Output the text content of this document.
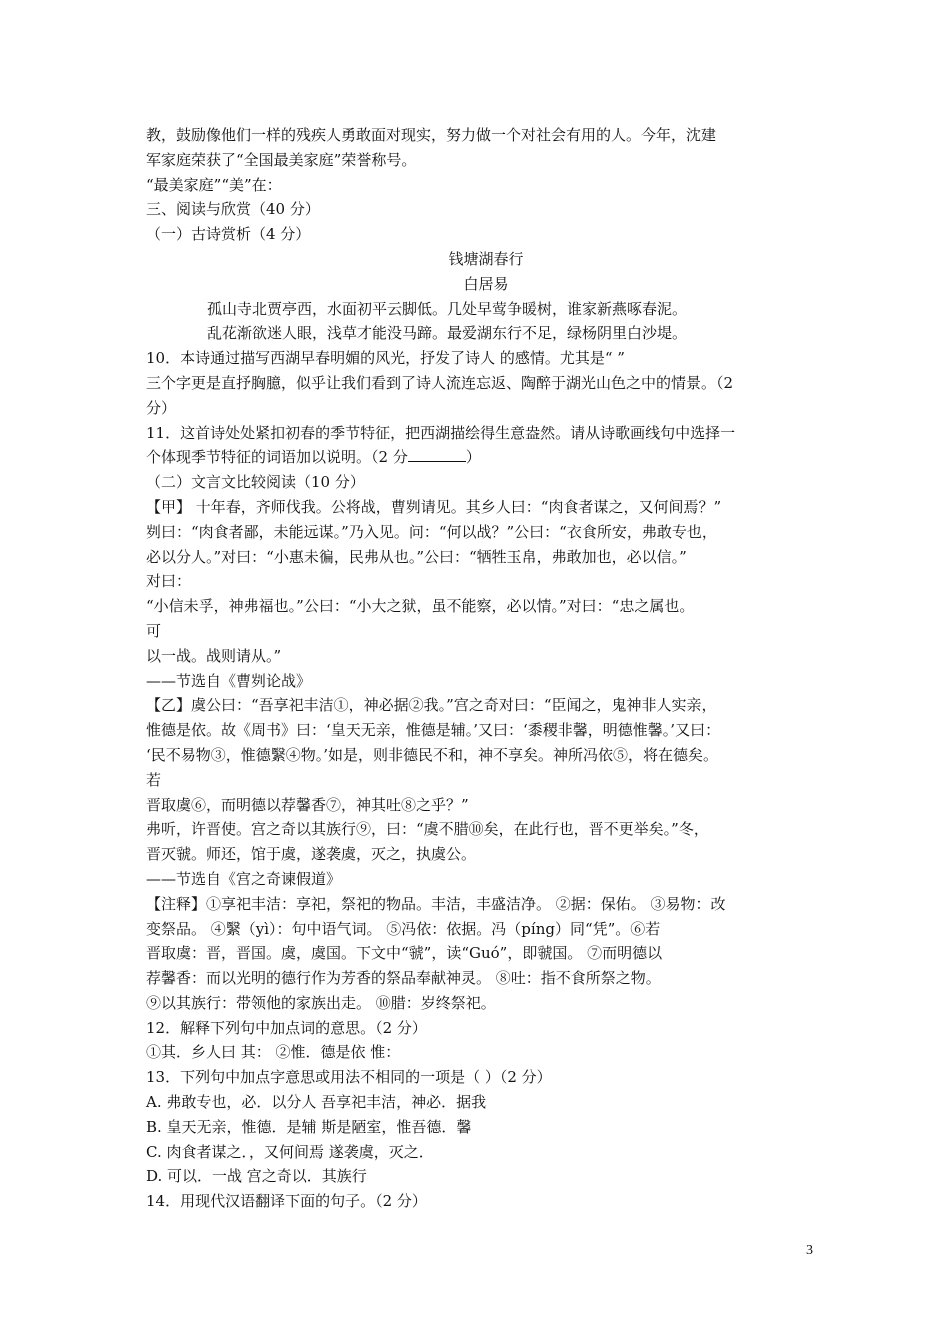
教，鼓励像他们一样的残疾人勇敢面对现实，努力做一个对社会有用的人。今年，沈建
军家庭荣获了“全国最美家庭”荣誉称号。
“最美家庭”“美”在：
三、阅读与欣赏（40 分）
（一）古诗赏析（4 分）
钱塘湖春行
白居易
孤山寺北贾亭西，水面初平云脚低。几处早莺争暖树，谁家新燕啄春泥。
乱花渐欲迷人眼，浅草才能没马蹄。最爱湖东行不足，绿杨阴里白沙堤。
10．本诗通过描写西湖早春明媚的风光，抒发了诗人 的感情。尤其是“ ”
三个字更是直抒胸臆，似乎让我们看到了诗人流连忘返、陶醉于湖光山色之中的情景。（2
分）
11．这首诗处处紧扣初春的季节特征，把西湖描绘得生意盎然。请从诗歌画线句中选择一
个体现季节特征的词语加以说明。（2 分	）
（二）文言文比较阅读（10 分）
【甲】 十年春，齐师伐我。公将战，曹刿请见。其乡人曰：“肉食者谋之，又何间焉？”
刿曰：“肉食者鄙，未能远谋。”乃入见。问：“何以战？”公曰：“衣食所安，弗敢专也，
必以分人。”对曰：“小惠未徧，民弗从也。”公曰：“牺牲玉帛，弗敢加也，必以信。”
对曰：
“小信未孚，神弗福也。”公曰：“小大之狱，虽不能察，必以情。”对曰：“忠之属也。
可
以一战。战则请从。”
——节选自《曹刿论战》
【乙】虞公曰：“吾享祀丰洁①，神必据②我。”宫之奇对曰：“臣闻之，鬼神非人实亲，
惟德是依。故《周书》曰：‘皇天无亲，惟德是辅。’又曰：‘黍稷非馨，明德惟馨。’又曰：
‘民不易物③，惟德繄④物。’如是，则非德民不和，神不享矣。神所冯依⑤，将在德矣。
若
晋取虞⑥，而明德以荐馨香⑦，神其吐⑧之乎？”
弗听，许晋使。宫之奇以其族行⑨，曰：“虞不腊⑩矣，在此行也，晋不更举矣。”冬，
晋灭虢。师还，馆于虞，遂袭虞，灭之，执虞公。
——节选自《宫之奇谏假道》
【注释】①享祀丰洁：享祀，祭祀的物品。丰洁，丰盛洁净。 ②据：保佑。 ③易物：改
变祭品。 ④繄（yì）：句中语气词。 ⑤冯依：依据。冯（píng）同“凭”。⑥若
晋取虞：晋，晋国。虞，虞国。下文中“虢”，读“Guó”，即虢国。 ⑦而明德以
荐馨香：而以光明的德行作为芳香的祭品奉献神灵。 ⑧吐：指不食所祭之物。
⑨以其族行：带领他的家族出走。 ⑩腊：岁终祭祀。
12．解释下列句中加点词的意思。（2 分）
①其．乡人曰 其： ②惟．德是依 惟：
13．下列句中加点字意思或用法不相同的一项是（ ）（2 分）
A. 弗敢专也，必．以分人 吾享祀丰洁，神必．据我
B. 皇天无亲，惟德．是辅 斯是陋室，惟吾德．馨
C. 肉食者谋之．，又何间焉 遂袭虞，灭之．
D. 可以．一战 宫之奇以．其族行
14．用现代汉语翻译下面的句子。（2 分）
3
